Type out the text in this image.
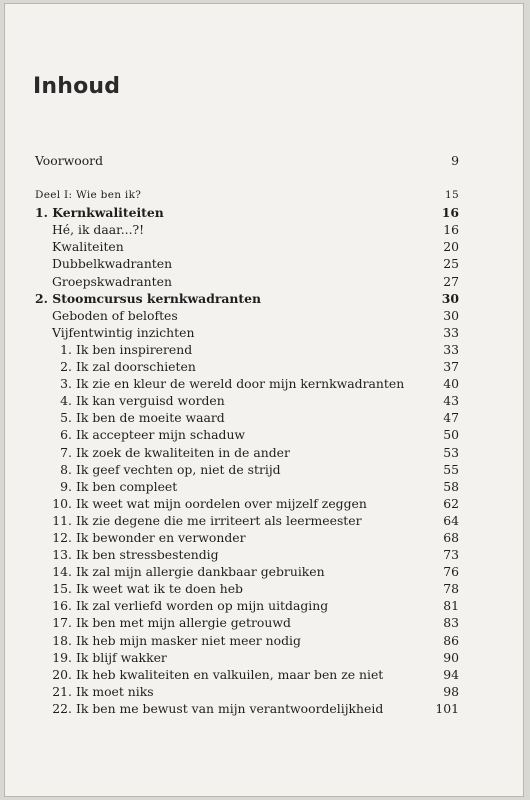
Inhoud
Voorwoord	9
Deel I: Wie ben ik?	15
1. Kernkwaliteiten	16
Hé, ik daar...?!	16
Kwaliteiten	20
Dubbelkwadranten	25
Groepskwadranten	27
2. Stoomcursus kernkwadranten	30
Geboden of beloftes	30
Vijfentwintig inzichten	33
1. Ik ben inspirerend	33
2. Ik zal doorschieten	37
3. Ik zie en kleur de wereld door mijn kernkwadranten	40
4. Ik kan verguisd worden	43
5. Ik ben de moeite waard	47
6. Ik accepteer mijn schaduw	50
7. Ik zoek de kwaliteiten in de ander	53
8. Ik geef vechten op, niet de strijd	55
9. Ik ben compleet	58
10. Ik weet wat mijn oordelen over mijzelf zeggen	62
11. Ik zie degene die me irriteert als leermeester	64
12. Ik bewonder en verwonder	68
13. Ik ben stressbestendig	73
14. Ik zal mijn allergie dankbaar gebruiken	76
15. Ik weet wat ik te doen heb	78
16. Ik zal verliefd worden op mijn uitdaging	81
17. Ik ben met mijn allergie getrouwd	83
18. Ik heb mijn masker niet meer nodig	86
19. Ik blijf wakker	90
20. Ik heb kwaliteiten en valkuilen, maar ben ze niet	94
21. Ik moet niks	98
22. Ik ben me bewust van mijn verantwoordelijkheid	101
